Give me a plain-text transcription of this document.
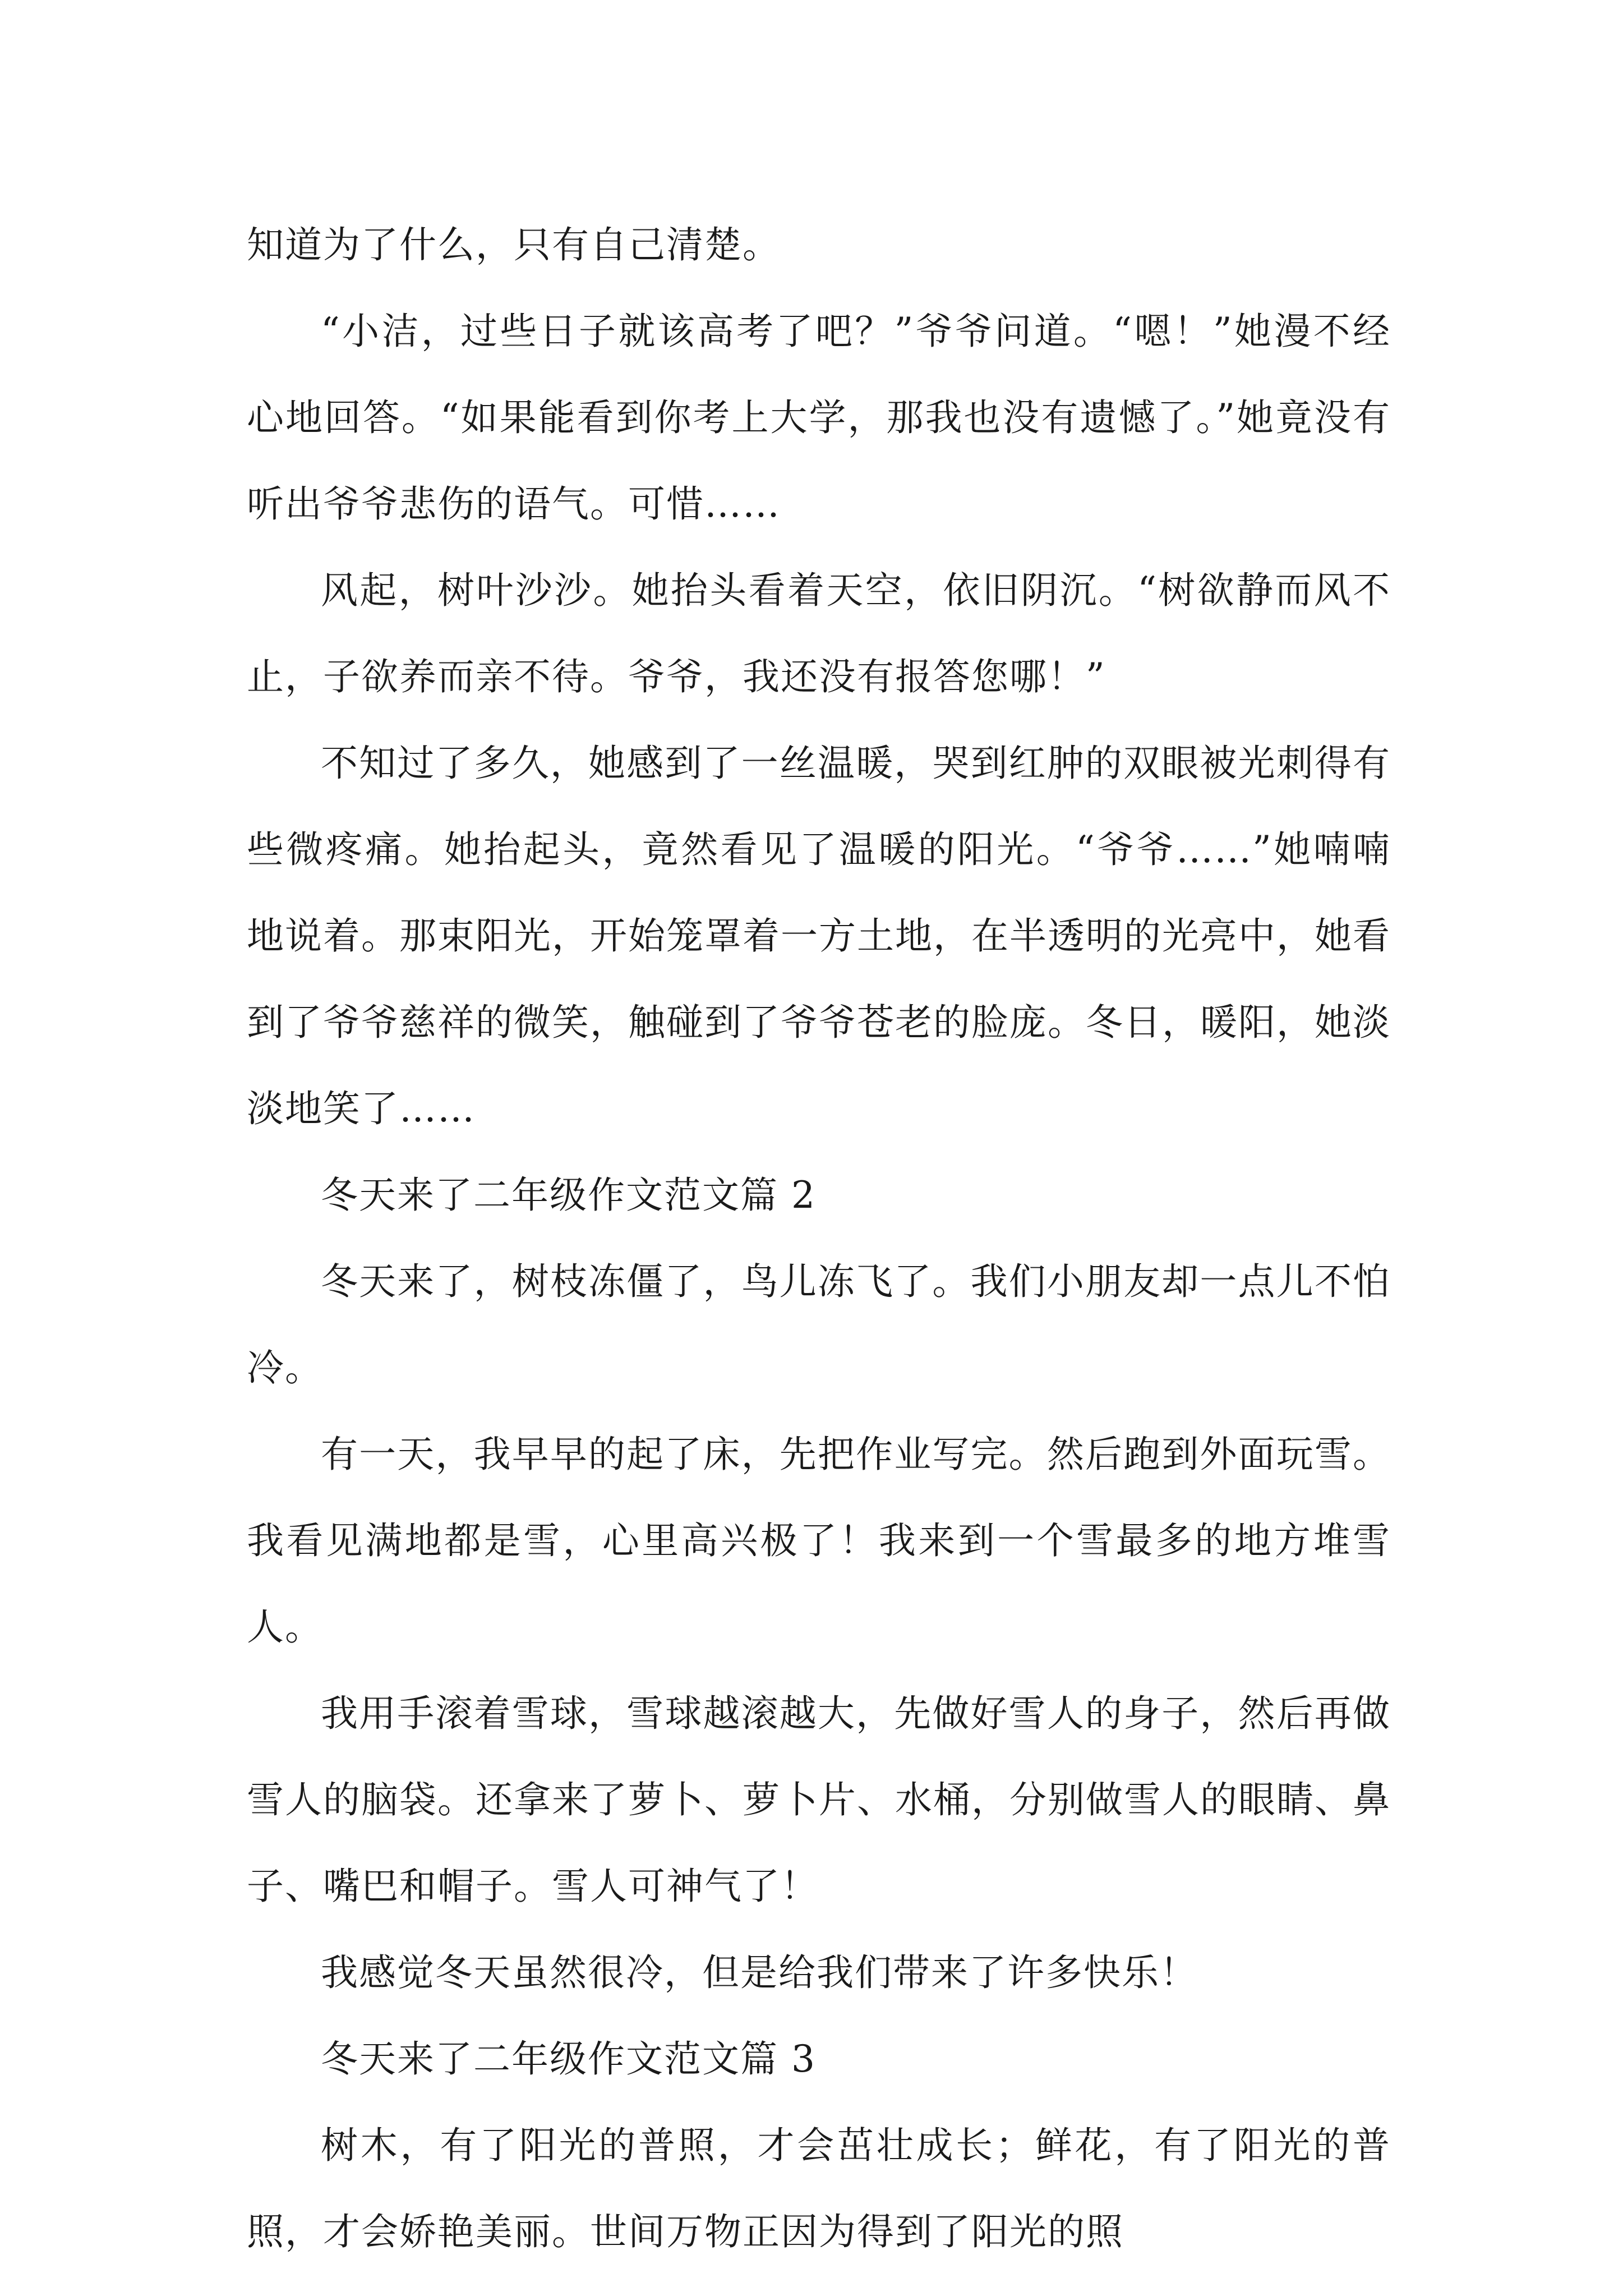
知道为了什么，只有自己清楚。

“小洁，过些日子就该高考了吧？”爷爷问道。“嗯！”她漫不经心地回答。“如果能看到你考上大学，那我也没有遗憾了。”她竟没有听出爷爷悲伤的语气。可惜……

风起，树叶沙沙。她抬头看着天空，依旧阴沉。“树欲静而风不止，子欲养而亲不待。爷爷，我还没有报答您哪！”

不知过了多久，她感到了一丝温暖，哭到红肿的双眼被光刺得有些微疼痛。她抬起头，竟然看见了温暖的阳光。“爷爷……”她喃喃地说着。那束阳光，开始笼罩着一方土地，在半透明的光亮中，她看到了爷爷慈祥的微笑，触碰到了爷爷苍老的脸庞。冬日，暖阳，她淡淡地笑了……

冬天来了二年级作文范文篇 2

冬天来了，树枝冻僵了，鸟儿冻飞了。我们小朋友却一点儿不怕冷。

有一天，我早早的起了床，先把作业写完。然后跑到外面玩雪。我看见满地都是雪，心里高兴极了！我来到一个雪最多的地方堆雪人。

我用手滚着雪球，雪球越滚越大，先做好雪人的身子，然后再做雪人的脑袋。还拿来了萝卜、萝卜片、水桶，分别做雪人的眼睛、鼻子、嘴巴和帽子。雪人可神气了！

我感觉冬天虽然很冷，但是给我们带来了许多快乐！

冬天来了二年级作文范文篇 3

树木，有了阳光的普照，才会茁壮成长；鲜花，有了阳光的普照，才会娇艳美丽。世间万物正因为得到了阳光的照
